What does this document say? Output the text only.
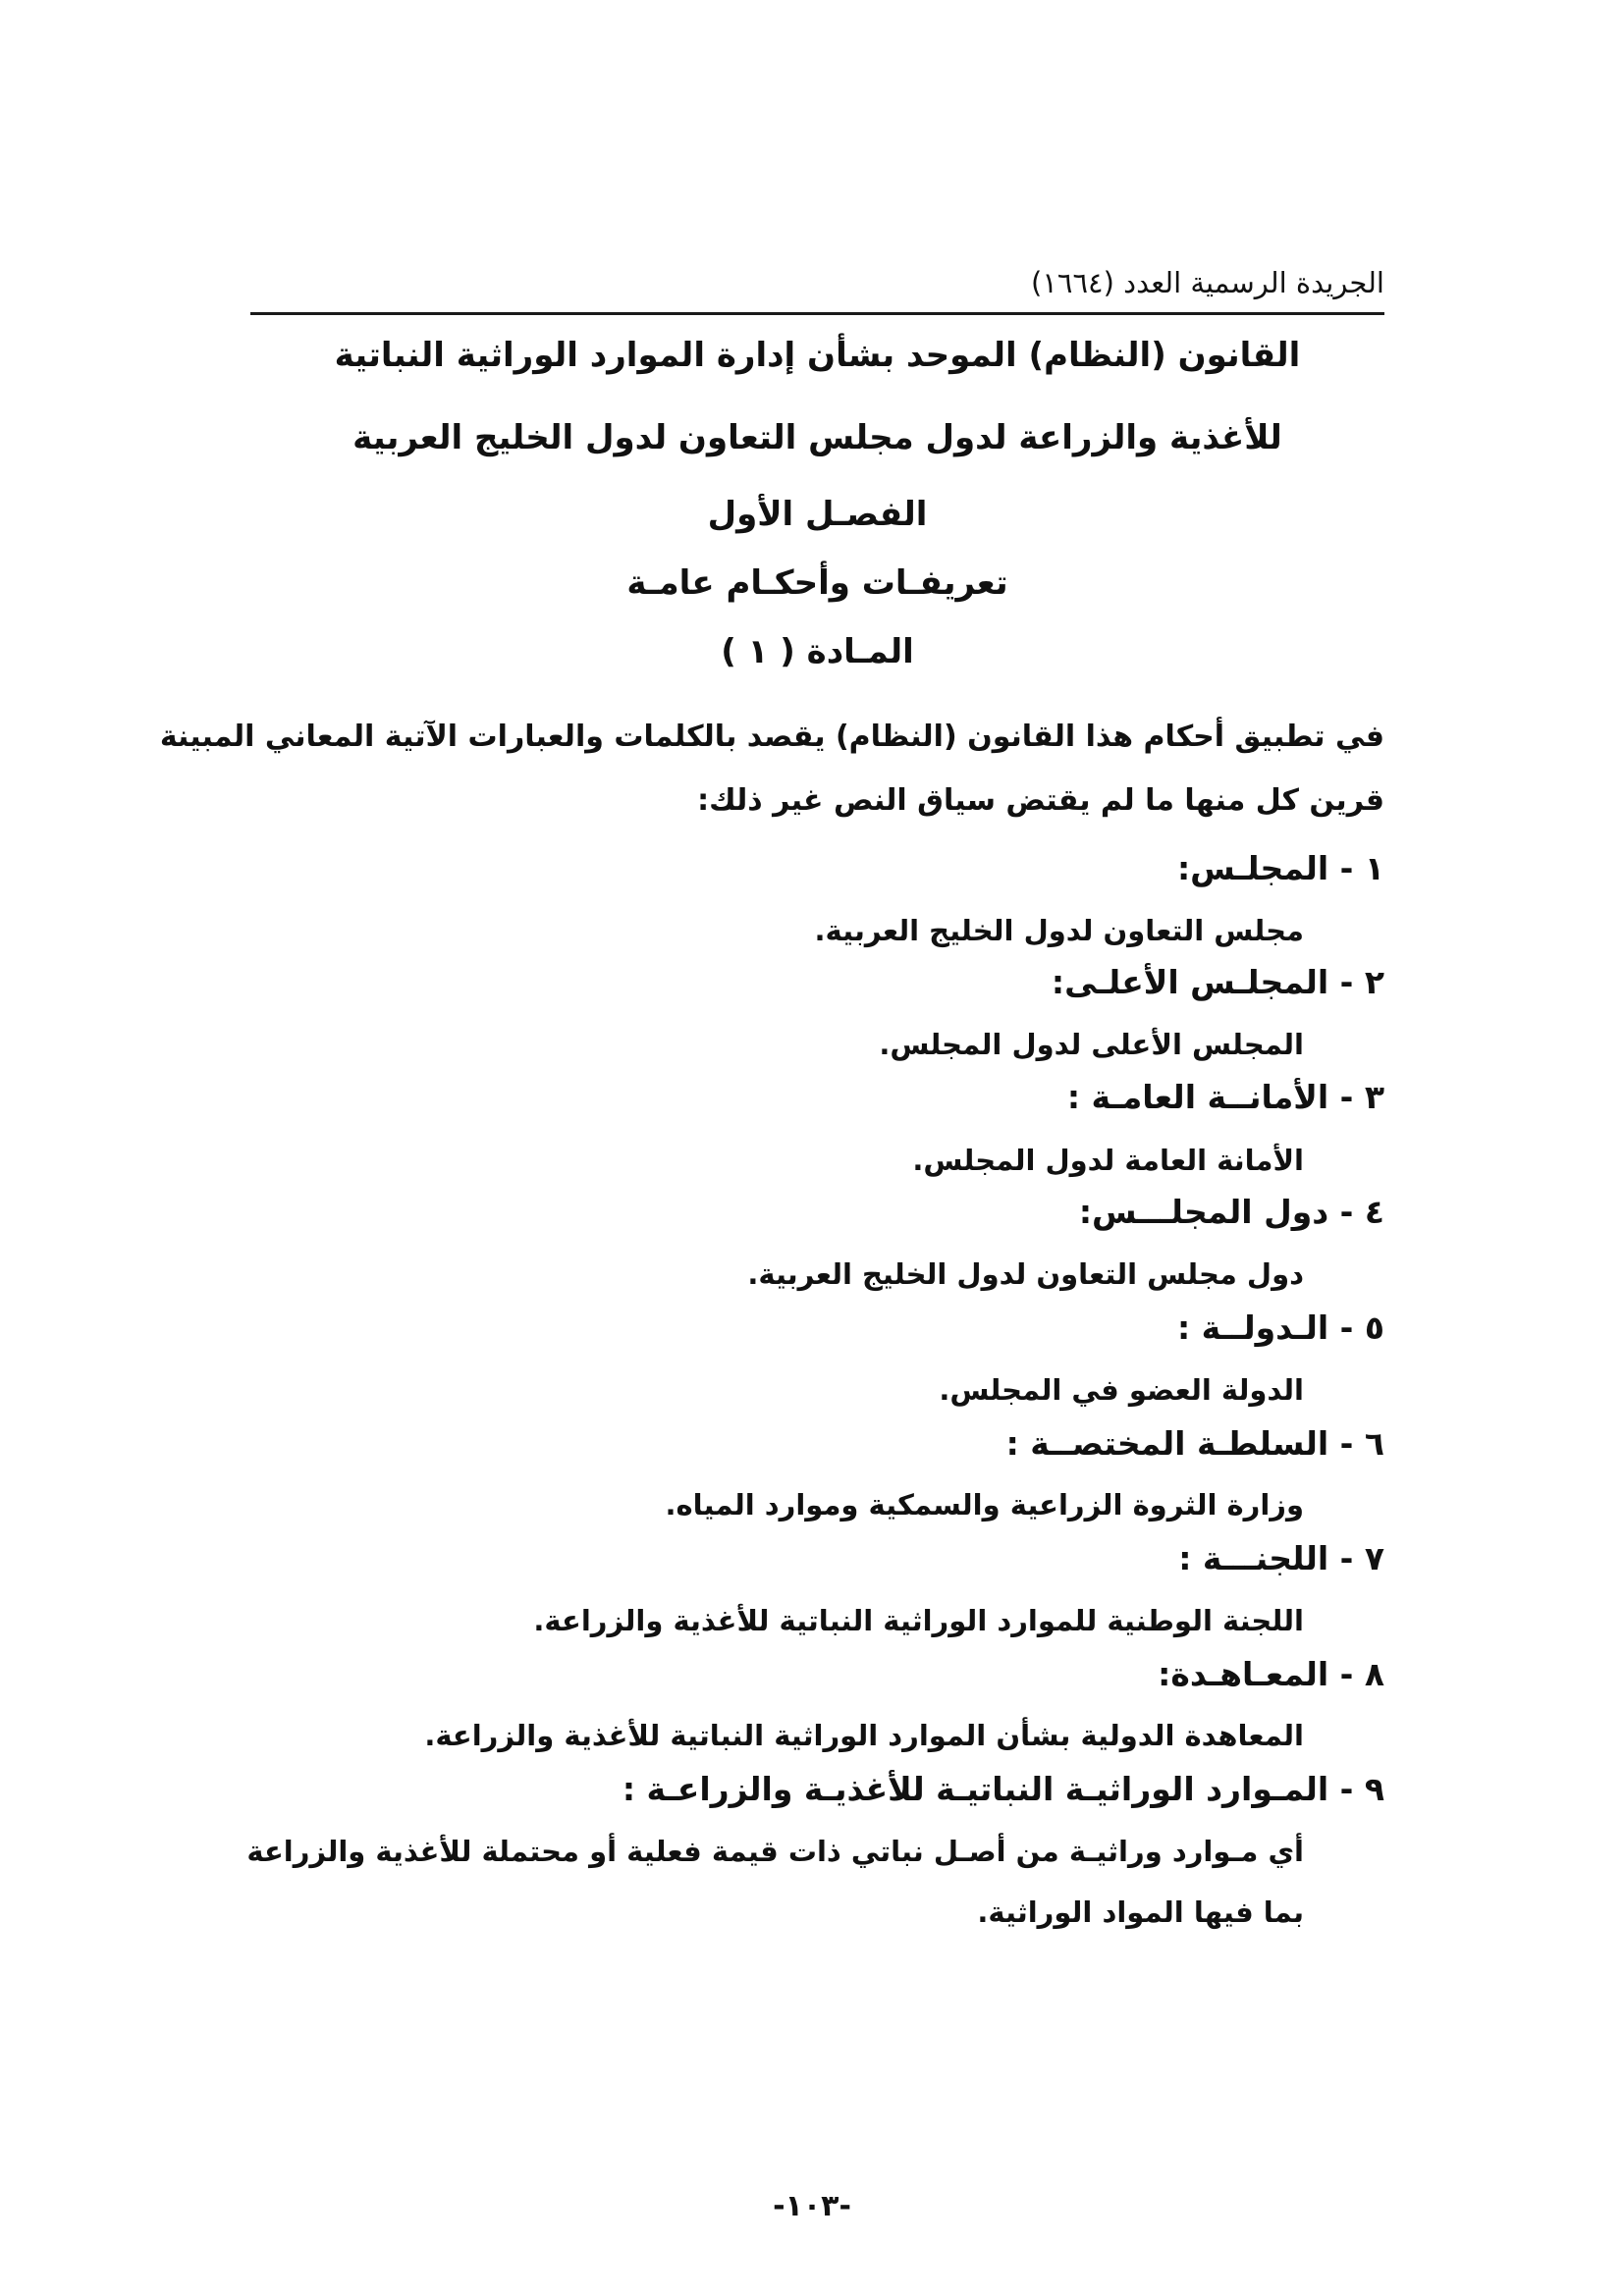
الجريدة الرسمية العدد (١٦٦٤)
القانون (النظام) الموحد بشأن إدارة الموارد الوراثية النباتية
للأغذية والزراعة لدول مجلس التعاون لدول الخليج العربية
الفصـل الأول
تعريفـات وأحكـام عامـة
المـادة ( ١ )
في تطبيق أحكام هذا القانون (النظام) يقصد بالكلمات والعبارات الآتية المعاني المبينة
قرين كل منها ما لم يقتض سياق النص غير ذلك:
١ - المجلـس:
مجلس التعاون لدول الخليج العربية.
٢ - المجلـس الأعلـى:
المجلس الأعلى لدول المجلس.
٣ - الأمانــة العامـة :
الأمانة العامة لدول المجلس.
٤ - دول المجلـــس:
دول مجلس التعاون لدول الخليج العربية.
٥ - الـدولــة :
الدولة العضو في المجلس.
٦ - السلطـة المختصــة :
وزارة الثروة الزراعية والسمكية وموارد المياه.
٧ - اللجنـــة :
اللجنة الوطنية للموارد الوراثية النباتية للأغذية والزراعة.
٨ - المعـاهـدة:
المعاهدة الدولية بشأن الموارد الوراثية النباتية للأغذية والزراعة.
٩ - المـوارد الوراثيـة النباتيـة للأغذيـة والزراعـة :
أي مـوارد وراثيـة من أصـل نباتي ذات قيمة فعلية أو محتملة للأغذية والزراعة
بما فيها المواد الوراثية.
-١٠٣-
